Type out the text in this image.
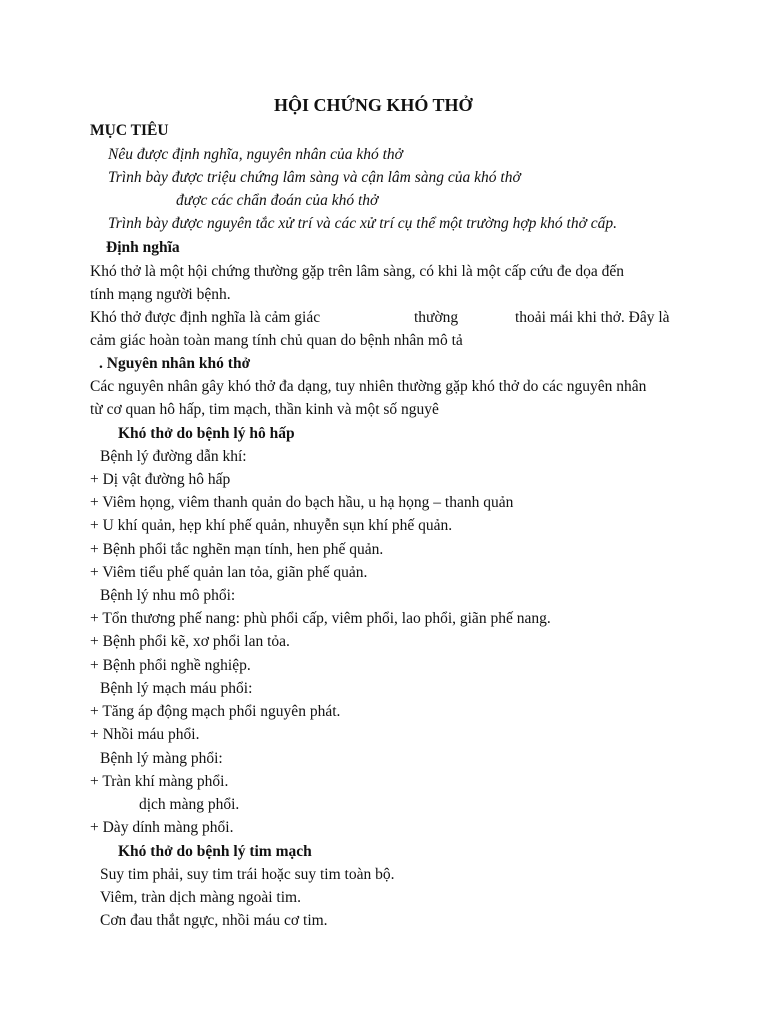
HỘI CHỨNG KHÓ THỞ
MỤC TIÊU
Nêu được định nghĩa, nguyên nhân của khó thở
Trình bày được triệu chứng lâm sàng và cận lâm sàng của khó thở
được các chẩn đoán của khó thở
Trình bày được nguyên tắc xử trí và các xử trí cụ thể một trường hợp khó thở cấp.
Định nghĩa
Khó thở là một hội chứng thường gặp trên lâm sàng, có khi là một cấp cứu đe dọa đến
tính mạng người bệnh.
Khó thở được định nghĩa là cảm giác	thường	thoải mái khi thở. Đây là
cảm giác hoàn toàn mang tính chủ quan do bệnh nhân mô tả
. Nguyên nhân khó thở
Các nguyên nhân gây khó thở đa dạng, tuy nhiên thường gặp khó thở do các nguyên nhân
từ cơ quan hô hấp, tim mạch, thần kinh và một số nguyê
Khó thở do bệnh lý hô hấp
Bệnh lý đường dẫn khí:
+ Dị vật đường hô hấp
+ Viêm họng, viêm thanh quản do bạch hầu, u hạ họng – thanh quản
+ U khí quản, hẹp khí phế quản, nhuyễn sụn khí phế quản.
+ Bệnh phổi tắc nghẽn mạn tính, hen phế quản.
+ Viêm tiểu phế quản lan tỏa, giãn phế quản.
Bệnh lý nhu mô phổi:
+ Tổn thương phế nang: phù phổi cấp, viêm phổi, lao phổi, giãn phế nang.
+ Bệnh phổi kẽ, xơ phổi lan tỏa.
+ Bệnh phổi nghề nghiệp.
Bệnh lý mạch máu phổi:
+ Tăng áp động mạch phổi nguyên phát.
+ Nhồi máu phổi.
Bệnh lý màng phổi:
+ Tràn khí màng phổi.
dịch màng phổi.
+ Dày dính màng phổi.
Khó thở do bệnh lý tim mạch
Suy tim phải, suy tim trái hoặc suy tim toàn bộ.
Viêm, tràn dịch màng ngoài tim.
Cơn đau thắt ngực, nhồi máu cơ tim.
